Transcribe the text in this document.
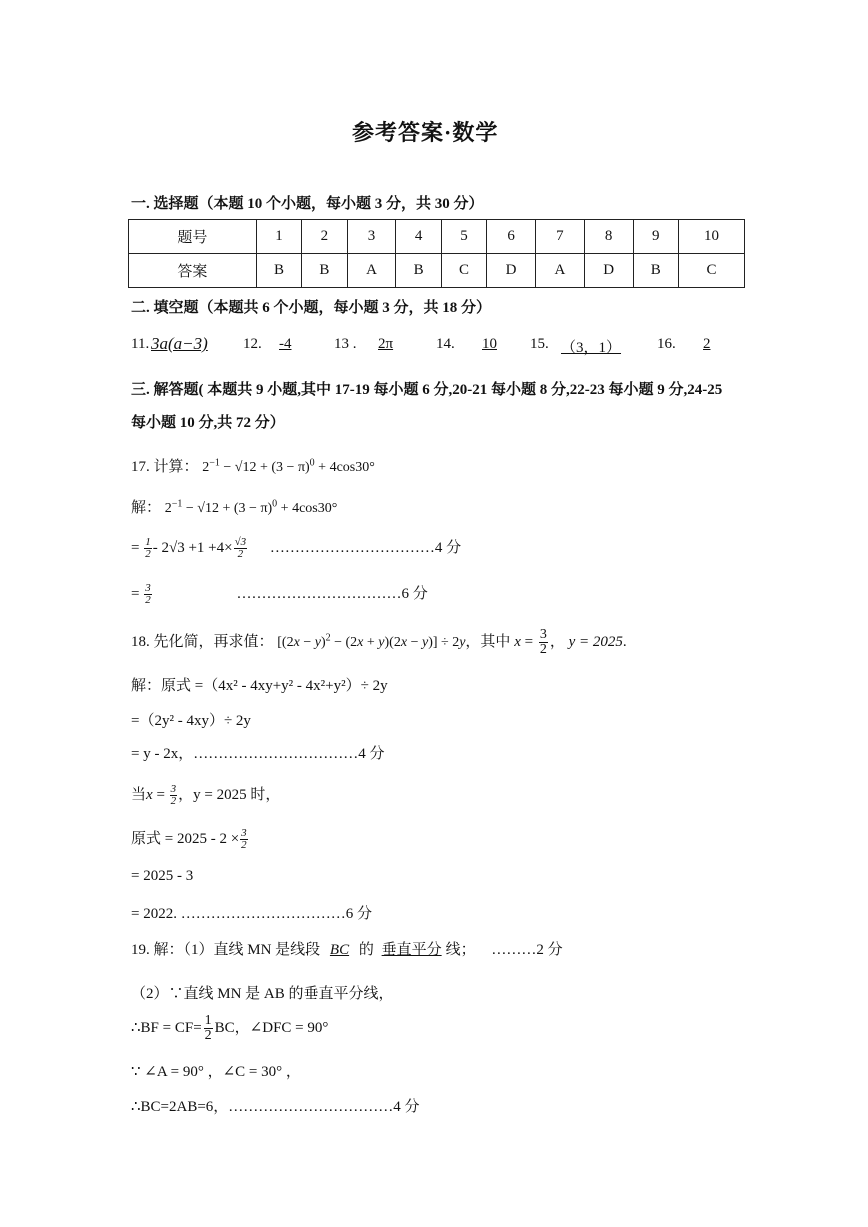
参考答案·数学
一. 选择题（本题 10 个小题，每小题 3 分，共 30 分）
题号	1	2	3	4	5	6	7	8	9	10
答案	B	B	A	B	C	D	A	D	B	C
二. 填空题（本题共 6 个小题，每小题 3 分，共 18 分）
11. 3a(a−3) 12.	-4	13 .	2π	14.	10	15. （3，1） 16.	2
三. 解答题( 本题共 9 小题,其中 17-19 每小题 6 分,20-21 每小题 8 分,22-23 每小题 9 分,24-25
每小题 10 分,共 72 分）
17. 计算： $2^{-1} - √12 + (3 - \pi)^0 + 4\cos 30^\circ$
解： $2^{-1} - √12 + (3 - \pi)^0 + 4\cos 30^\circ$
= $\frac{1}{2} - 2√3 +1 +4\times \frac{√3}{2}$ ……………………………4 分
= $\frac{3}{2}$	……………………………6 分
18. 先化简，再求值： $[(2x - y)^2 - (2x + y)(2x - y)] \div 2y$，其中 $x = \frac{3}{2}$ ， y = 2025.
解：原式 =（4x² - 4xy+y² - 4x²+y²）÷ 2y
=（2y² - 4xy）÷ 2y
= y - 2x，……………………………4 分
当$x = \frac{3}{2}$ ，y = 2025 时，
原式 = $2025 - 2 \times \frac{3}{2}$
= 2025 - 3
= 2022. ……………………………6 分
19. 解：（1）直线 MN 是线段 BC 的 垂直平分 线； ………2 分
（2）∵直线 MN 是 AB 的垂直平分线，
∴BF = $CF= \frac{1}{2}$ BC，∠DFC = 90°
∵ ∠A = 90° ，∠C = 30° ，
∴BC=2AB=6，……………………………4 分
